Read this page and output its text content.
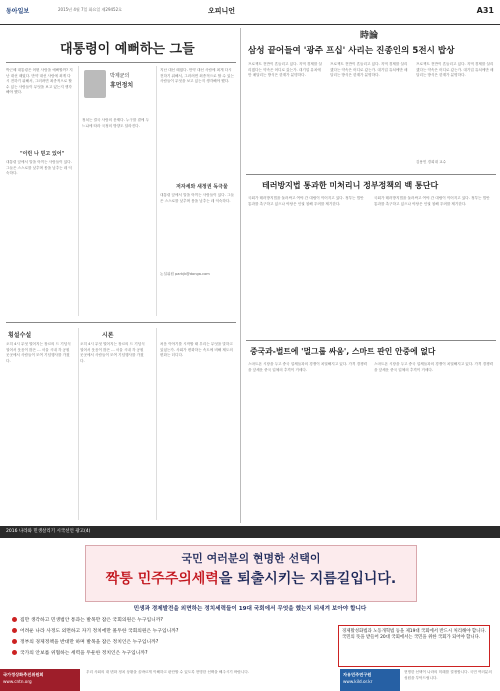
동아일보	2015년 4월 7일 화요일 제29452호	오피니언	A31
대통령이 예뻐하는 그들
박근혜 대통령은 어떤 사람을 예뻐할까? 지난 대선 때였다. 만약 대선 사람에 최게 다시 전하기 위해서, 그러려면 최종적으로 할 수 있는 사람들이 무엇을 보고 있는지 생각해야 했다.
"이런 나 믿고 있어"
대통령 앞에서 말을 아끼는 사람들이 있다. 그들은 스스로를 낮추며 몸을 낮추는 데 익숙하다.
박제균의
휴먼정치
정치는 결국 사람의 문제다. 누구를 곁에 두느냐에 따라 국정의 방향도 달라진다.
지난 대선 때였다. 만약 대선 사람에 최게 다시 전하기 위해서, 그러려면 최종적으로 할 수 있는 사람들이 무엇을 보고 있는지 생각해야 했다.
저자세와 새정권 독극물
대통령 앞에서 말을 아끼는 사람들이 있다. 그들은 스스로를 낮추며 몸을 낮추는 데 익숙하다.
논설위원 parkjk@donga.com
횡설수설
오히 4시 무엇 떨어지는 장르의 드 기념식 열어서 웃음이 많은 ... 서울 시내 각 공원 곳곳에서 사람들이 모여 기념행사를 가졌다.
오히 4시 무엇 떨어지는 장르의 드 기념식 열어서 웃음이 많은 ... 서울 시내 각 공원 곳곳에서 사람들이 모여 기념행사를 가졌다.
시론
처음 이야기를 시작할 때 우리는 무엇을 말하고 있었는가. 사회가 변화하는 속도에 비해 제도의 변화는 더디다.
時論
삼성 끝어들여 '광주 프십' 사리는 진종인의 5전시 밥상
프로젝트 전반이 흔들리고 있다. 지역 경제를 살리겠다는 약속은 어디로 갔는가. 대기업 유치에만 매달리는 방식은 한계가 분명하다.
프로젝트 전반이 흔들리고 있다. 지역 경제를 살리겠다는 약속은 어디로 갔는가. 대기업 유치에만 매달리는 방식은 한계가 분명하다.
프로젝트 전반이 흔들리고 있다. 지역 경제를 살리겠다는 약속은 어디로 갔는가. 대기업 유치에만 매달리는 방식은 한계가 분명하다.
김용민 경희대 교수
테러방지법 통과한 미처리니 정부정책의 백 통단다
국회가 테러방지법을 둘러싸고 여야 간 대립이 이어지고 있다. 정부는 법안 통과를 촉구하고 있으나 야당은 인권 침해 우려를 제기한다.
국회가 테러방지법을 둘러싸고 여야 간 대립이 이어지고 있다. 정부는 법안 통과를 촉구하고 있으나 야당은 인권 침해 우려를 제기한다.
중국과-벌트에 '멀그룹 싸움', 스마트 판인 안중에 없다
스마트폰 시장을 두고 중국 업체들과의 경쟁이 치열해지고 있다. 가격 경쟁력을 앞세운 중국 업체의 추격이 거세다.
스마트폰 시장을 두고 중국 업체들과의 경쟁이 치열해지고 있다. 가격 경쟁력을 앞세운 중국 업체의 추격이 거세다.
2016 나라와 민생살리기 시국선언 광고(4)
국민 여러분의 현명한 선택이
짝퉁 민주주의세력을 퇴출시키는 지름길입니다.
민생과 경제발전을 외면하는 정치세력들이 19대 국회에서 무엇을 했는지 되새겨 보아야 합니다
집만 생각하고 민생법안 통과는 발목만 잡은 국회의원은 누구입니까?
어려운 나라 사정도 외면하고 자기 정치에만 몰두한 국회의원은 누구입니까?
정부의 경제정책을 반대만 하며 발목을 잡은 정치인은 누구입니까?
국가의 안보를 위협하는 세력을 두둔한 정치인은 누구입니까?
경제활성화법과 노동개혁법 등을 제19대 국회에서 반드시 처리해야 합니다. 국민의 뜻을 받들어 20대 국회에서는 국민을 위한 국회가 되어야 합니다.
국가정상화추진위원회
www.cntn.org
우리 사회의 대 변화 정치 상황을 올바르게 이해하고 판단할 수 있도록 현명한 선택을 해주시기 바랍니다.	자유민주연구원
www.kild.or.kr
현명한 선택이 나라의 미래를 결정합니다. 국민 여러분의 성원을 부탁드립니다.
